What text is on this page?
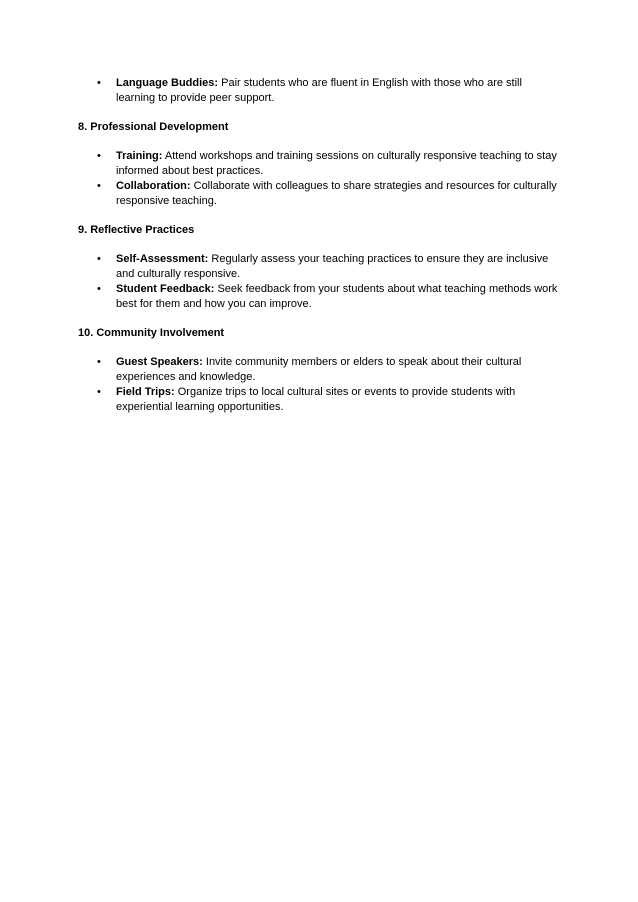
• Language Buddies: Pair students who are fluent in English with those who are still learning to provide peer support.
8. Professional Development
• Training: Attend workshops and training sessions on culturally responsive teaching to stay informed about best practices.
• Collaboration: Collaborate with colleagues to share strategies and resources for culturally responsive teaching.
9. Reflective Practices
• Self-Assessment: Regularly assess your teaching practices to ensure they are inclusive and culturally responsive.
• Student Feedback: Seek feedback from your students about what teaching methods work best for them and how you can improve.
10. Community Involvement
• Guest Speakers: Invite community members or elders to speak about their cultural experiences and knowledge.
• Field Trips: Organize trips to local cultural sites or events to provide students with experiential learning opportunities.
